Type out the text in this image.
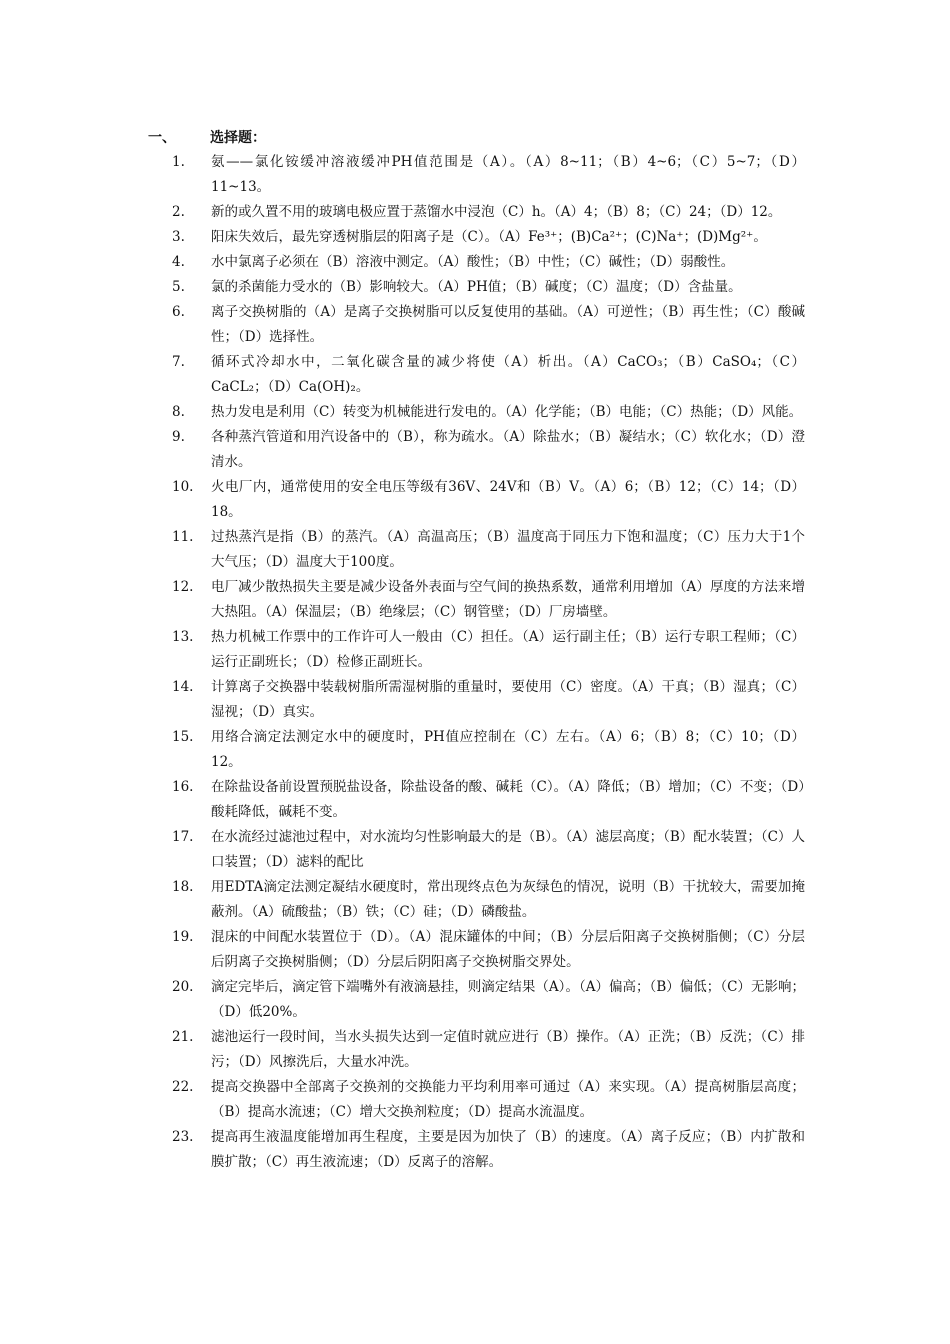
一、 选择题：
1.	氨——氯化铵缓冲溶液缓冲PH值范围是（A）。（A）8~11；（B）4~6；（C）5~7；（D）11~13。
2.	新的或久置不用的玻璃电极应置于蒸馏水中浸泡（C）h。（A）4；（B）8；（C）24；（D）12。
3.	阳床失效后，最先穿透树脂层的阳离子是（C）。（A）Fe³⁺；(B)Ca²⁺；(C)Na⁺；(D)Mg²⁺。
4.	水中氯离子必须在（B）溶液中测定。（A）酸性；（B）中性；（C）碱性；（D）弱酸性。
5.	氯的杀菌能力受水的（B）影响较大。（A）PH值；（B）碱度；（C）温度；（D）含盐量。
6.	离子交换树脂的（A）是离子交换树脂可以反复使用的基础。（A）可逆性；（B）再生性；（C）酸碱性；（D）选择性。
7.	循环式冷却水中，二氧化碳含量的减少将使（A）析出。（A）CaCO₃；（B）CaSO₄；（C）CaCL₂；（D）Ca(OH)₂。
8.	热力发电是利用（C）转变为机械能进行发电的。（A）化学能；（B）电能；（C）热能；（D）风能。
9.	各种蒸汽管道和用汽设备中的（B），称为疏水。（A）除盐水；（B）凝结水；（C）软化水；（D）澄清水。
10.	火电厂内，通常使用的安全电压等级有36V、24V和（B）V。（A）6；（B）12；（C）14；（D）18。
11.	过热蒸汽是指（B）的蒸汽。（A）高温高压；（B）温度高于同压力下饱和温度；（C）压力大于1个大气压；（D）温度大于100度。
12.	电厂减少散热损失主要是减少设备外表面与空气间的换热系数，通常利用增加（A）厚度的方法来增大热阻。（A）保温层；（B）绝缘层；（C）钢管壁；（D）厂房墙壁。
13.	热力机械工作票中的工作许可人一般由（C）担任。（A）运行副主任；（B）运行专职工程师；（C）运行正副班长；（D）检修正副班长。
14.	计算离子交换器中装载树脂所需湿树脂的重量时，要使用（C）密度。（A）干真；（B）湿真；（C）湿视；（D）真实。
15.	用络合滴定法测定水中的硬度时，PH值应控制在（C）左右。（A）6；（B）8；（C）10；（D）12。
16.	在除盐设备前设置预脱盐设备，除盐设备的酸、碱耗（C）。（A）降低；（B）增加；（C）不变；（D）酸耗降低，碱耗不变。
17.	在水流经过滤池过程中，对水流均匀性影响最大的是（B）。（A）滤层高度；（B）配水装置；（C）人口装置；（D）滤料的配比
18.	用EDTA滴定法测定凝结水硬度时，常出现终点色为灰绿色的情况，说明（B）干扰较大，需要加掩蔽剂。（A）硫酸盐；（B）铁；（C）硅；（D）磷酸盐。
19.	混床的中间配水装置位于（D）。（A）混床罐体的中间；（B）分层后阳离子交换树脂侧；（C）分层后阴离子交换树脂侧；（D）分层后阴阳离子交换树脂交界处。
20.	滴定完毕后，滴定管下端嘴外有液滴悬挂，则滴定结果（A）。（A）偏高；（B）偏低；（C）无影响；（D）低20%。
21.	滤池运行一段时间，当水头损失达到一定值时就应进行（B）操作。（A）正洗；（B）反洗；（C）排污；（D）风擦洗后，大量水冲洗。
22.	提高交换器中全部离子交换剂的交换能力平均利用率可通过（A）来实现。（A）提高树脂层高度；（B）提高水流速；（C）增大交换剂粒度；（D）提高水流温度。
23.	提高再生液温度能增加再生程度，主要是因为加快了（B）的速度。（A）离子反应；（B）内扩散和膜扩散；（C）再生液流速；（D）反离子的溶解。
